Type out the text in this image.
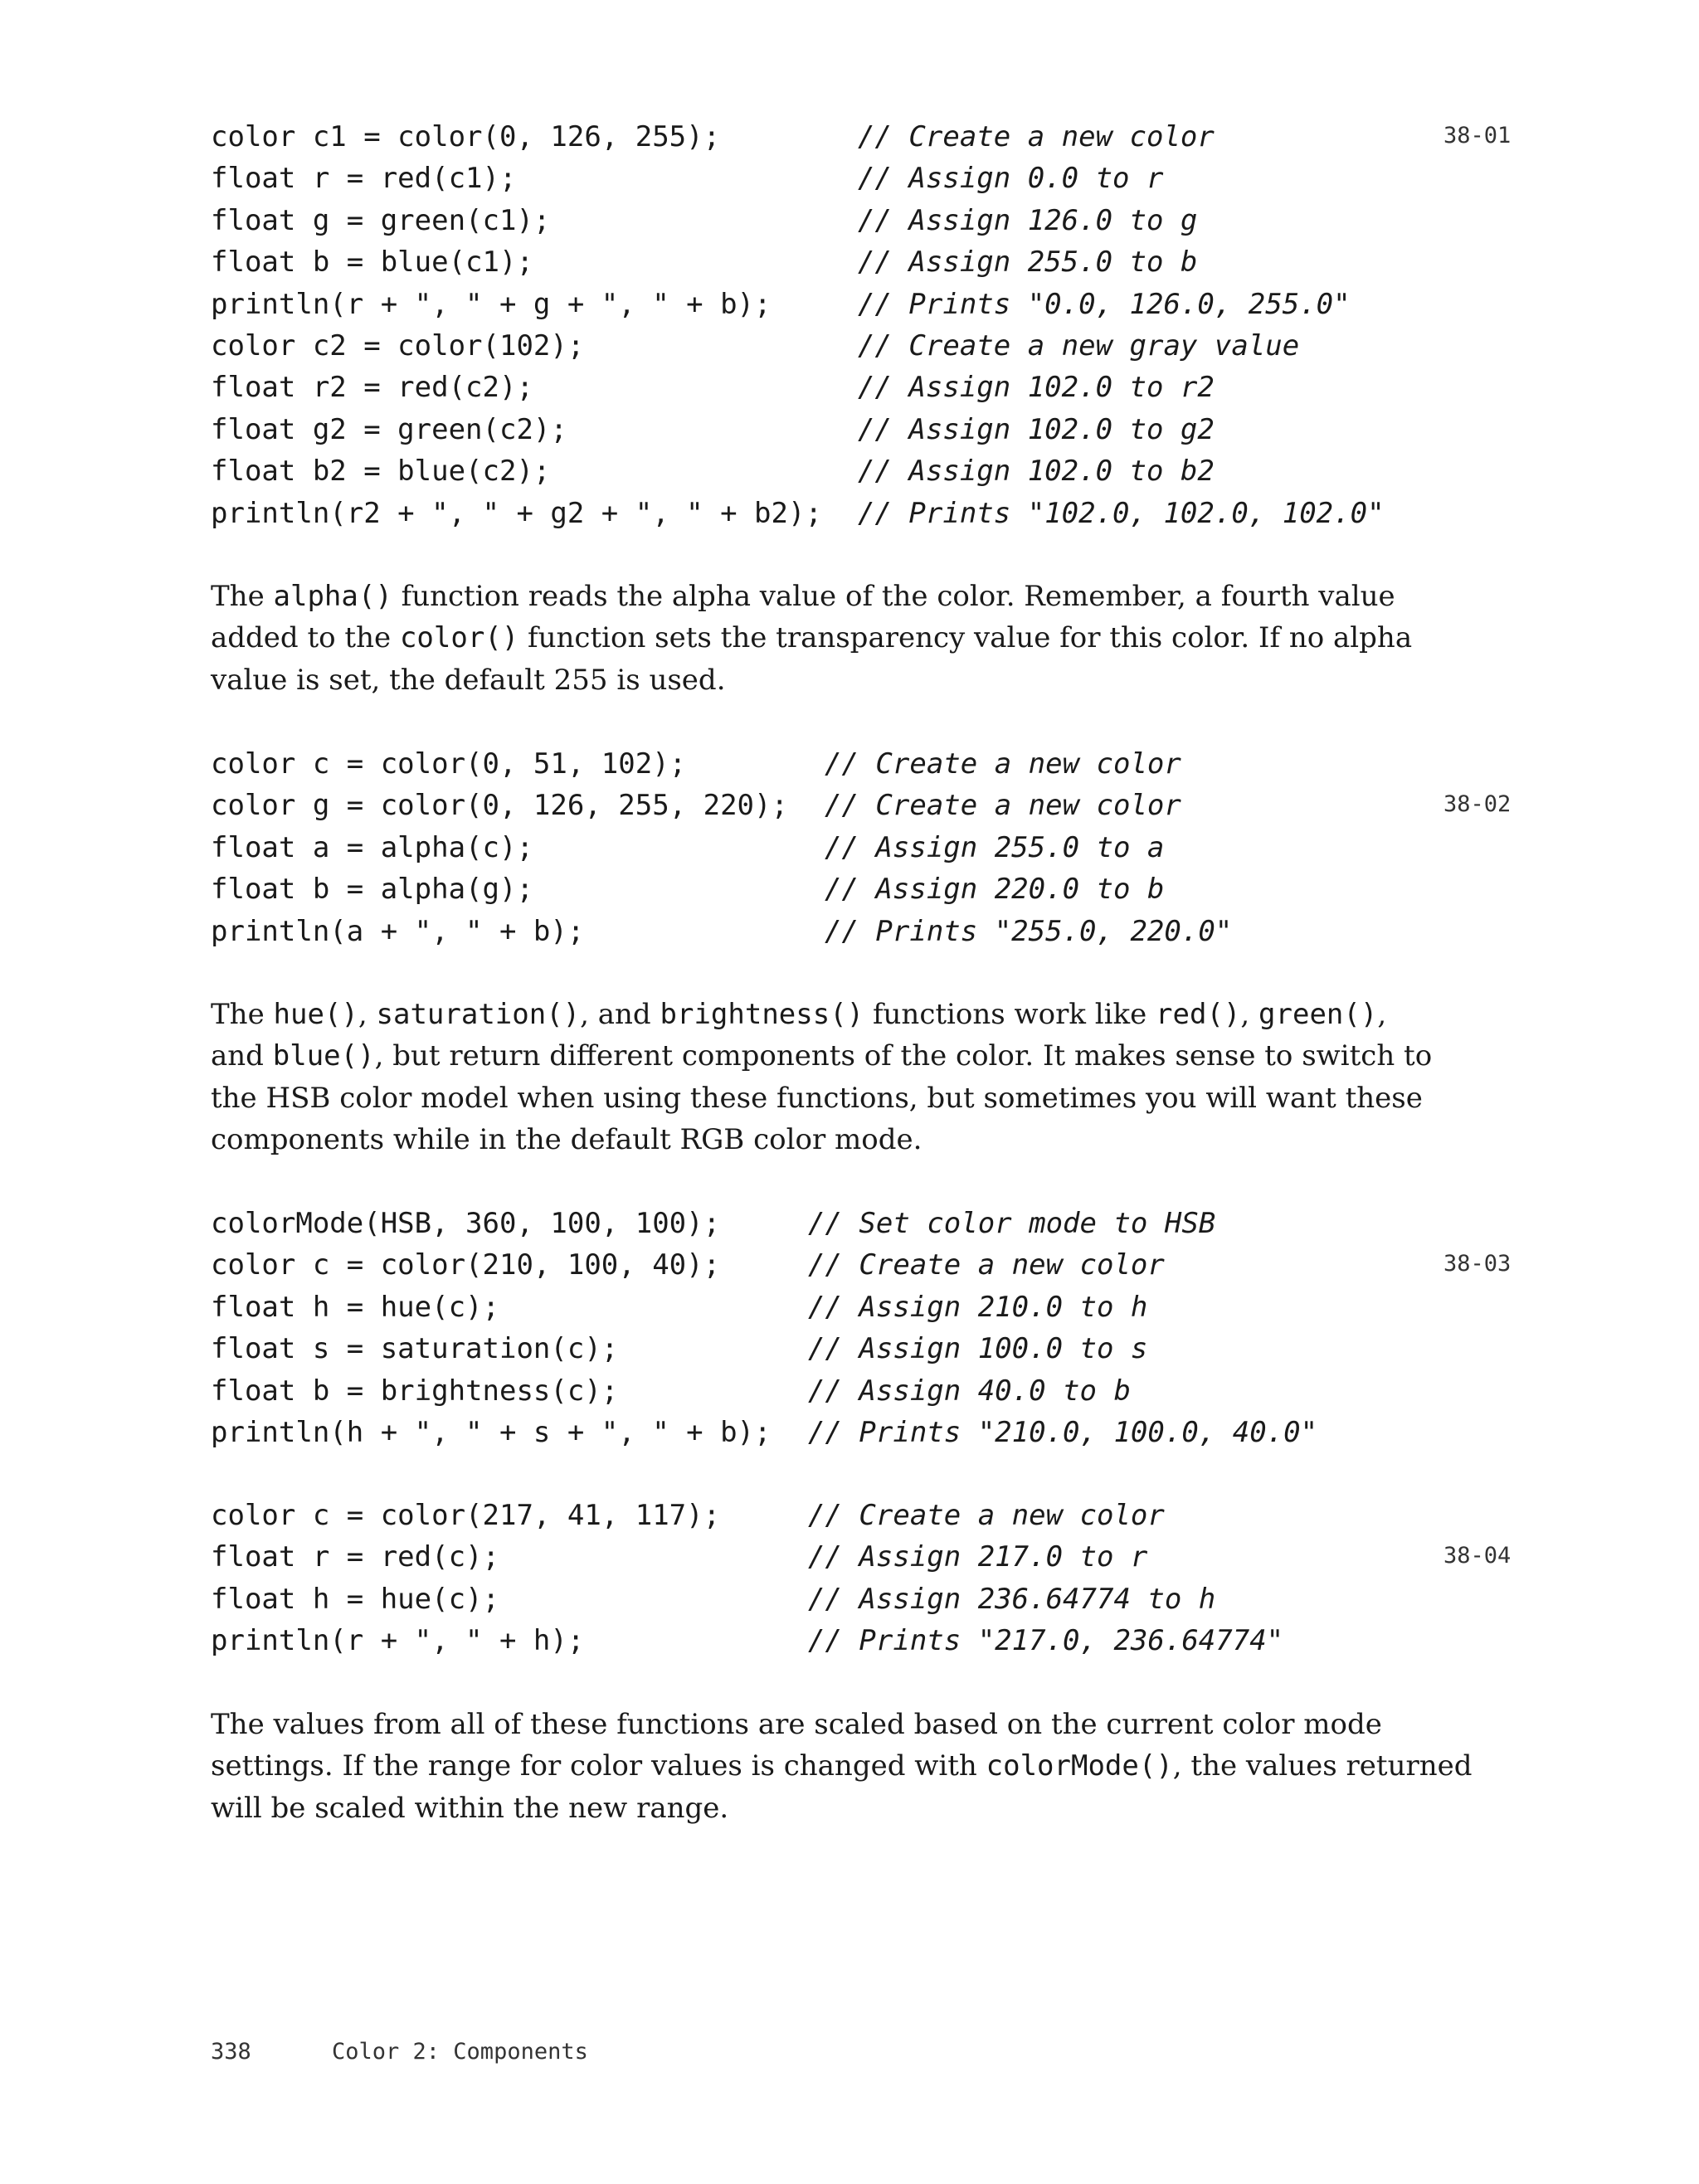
color c1 = color(0, 126, 255);	// Create a new color
float r = red(c1);	// Assign 0.0 to r
float g = green(c1);	// Assign 126.0 to g
float b = blue(c1);	// Assign 255.0 to b
println(r + ", " + g + ", " + b);	// Prints "0.0, 126.0, 255.0"
color c2 = color(102);	// Create a new gray value
float r2 = red(c2);	// Assign 102.0 to r2
float g2 = green(c2);	// Assign 102.0 to g2
float b2 = blue(c2);	// Assign 102.0 to b2
println(r2 + ", " + g2 + ", " + b2); // Prints "102.0, 102.0, 102.0"
38-01
The alpha() function reads the alpha value of the color. Remember, a fourth value
added to the color() function sets the transparency value for this color. If no alpha
value is set, the default 255 is used.
color c = color(0, 51, 102);	// Create a new color
color g = color(0, 126, 255, 220); // Create a new color
float a = alpha(c);	// Assign 255.0 to a
float b = alpha(g);	// Assign 220.0 to b
println(a + ", " + b);	// Prints "255.0, 220.0"
38-02
The hue(), saturation(), and brightness() functions work like red(), green(),
and blue(), but return different components of the color. It makes sense to switch to
the HSB color model when using these functions, but sometimes you will want these
components while in the default RGB color mode.
colorMode(HSB, 360, 100, 100);	// Set color mode to HSB
color c = color(210, 100, 40);	// Create a new color
float h = hue(c);	// Assign 210.0 to h
float s = saturation(c);	// Assign 100.0 to s
float b = brightness(c);	// Assign 40.0 to b
println(h + ", " + s + ", " + b); // Prints "210.0, 100.0, 40.0"
38-03
color c = color(217, 41, 117);	// Create a new color
float r = red(c);	// Assign 217.0 to r
float h = hue(c);	// Assign 236.64774 to h
println(r + ", " + h);	// Prints "217.0, 236.64774"
38-04
The values from all of these functions are scaled based on the current color mode
settings. If the range for color values is changed with colorMode(), the values returned
will be scaled within the new range.
338	Color 2: Components
